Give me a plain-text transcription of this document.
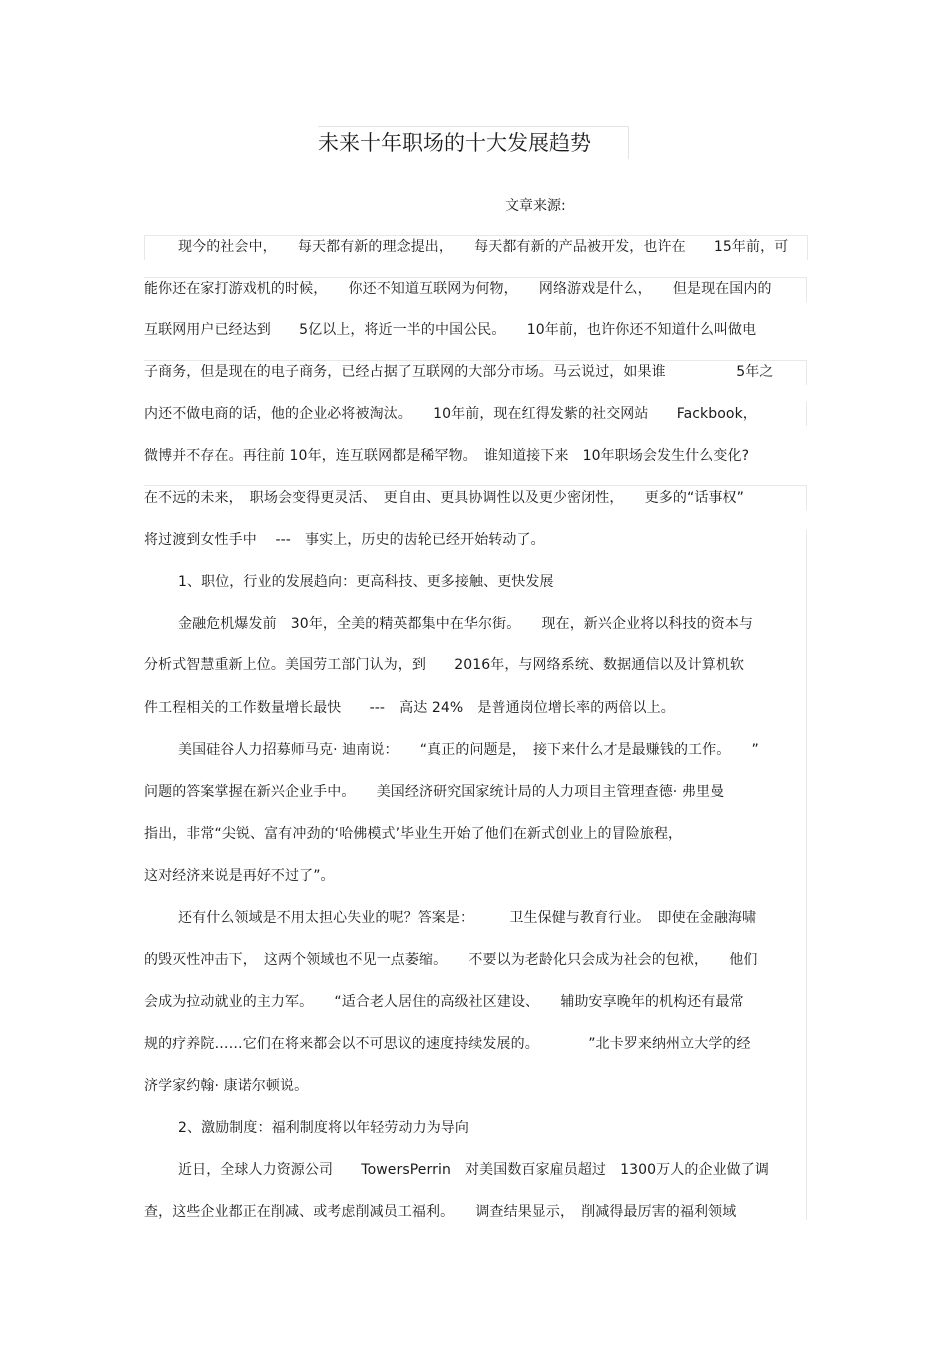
未来十年职场的十大发展趋势
文章来源:
现今的社会中，　　每天都有新的理念提出，　　每天都有新的产品被开发，也许在　　15年前，可
能你还在家打游戏机的时候，　　你还不知道互联网为何物，　　网络游戏是什么，　　但是现在国内的
互联网用户已经达到　　5亿以上，将近一半的中国公民。　　10年前，也许你还不知道什么叫做电
子商务，但是现在的电子商务，已经占据了互联网的大部分市场。马云说过，如果谁　　　　　5年之
内还不做电商的话，他的企业必将被淘汰。　　10年前，现在红得发紫的社交网站　　Fackbook，
微博并不存在。再往前 10年，连互联网都是稀罕物。　谁知道接下来　10年职场会发生什么变化?
在不远的未来，　职场会变得更灵活、　更自由、更具协调性以及更少密闭性，　　更多的“话事权”
将过渡到女性手中　 ---　事实上，历史的齿轮已经开始转动了。
1、职位，行业的发展趋向：更高科技、更多接触、更快发展
金融危机爆发前　30年，全美的精英都集中在华尔街。　　现在，新兴企业将以科技的资本与
分析式智慧重新上位。美国劳工部门认为，到　　2016年，与网络系统、数据通信以及计算机软
件工程相关的工作数量增长最快　　---　高达 24%　是普通岗位增长率的两倍以上。
美国硅谷人力招募师马克· 迪南说：　　“真正的问题是，　接下来什么才是最赚钱的工作。　　”
问题的答案掌握在新兴企业手中。　　美国经济研究国家统计局的人力项目主管理查德· 弗里曼
指出，非常“尖锐、富有冲劲的‘哈佛模式’毕业生开始了他们在新式创业上的冒险旅程，
这对经济来说是再好不过了”。
还有什么领域是不用太担心失业的呢？答案是：　　　卫生保健与教育行业。　即使在金融海啸
的毁灭性冲击下，　这两个领域也不见一点萎缩。　　不要以为老龄化只会成为社会的包袱，　　他们
会成为拉动就业的主力军。　　“适合老人居住的高级社区建设、　　辅助安享晚年的机构还有最常
规的疗养院……它们在将来都会以不可思议的速度持续发展的。　　　　”北卡罗来纳州立大学的经
济学家约翰· 康诺尔顿说。
2、激励制度：福利制度将以年轻劳动力为导向
近日，全球人力资源公司　　TowersPerrin　对美国数百家雇员超过　1300万人的企业做了调
查，这些企业都正在削减、或考虑削减员工福利。　　调查结果显示，　削减得最厉害的福利领域
